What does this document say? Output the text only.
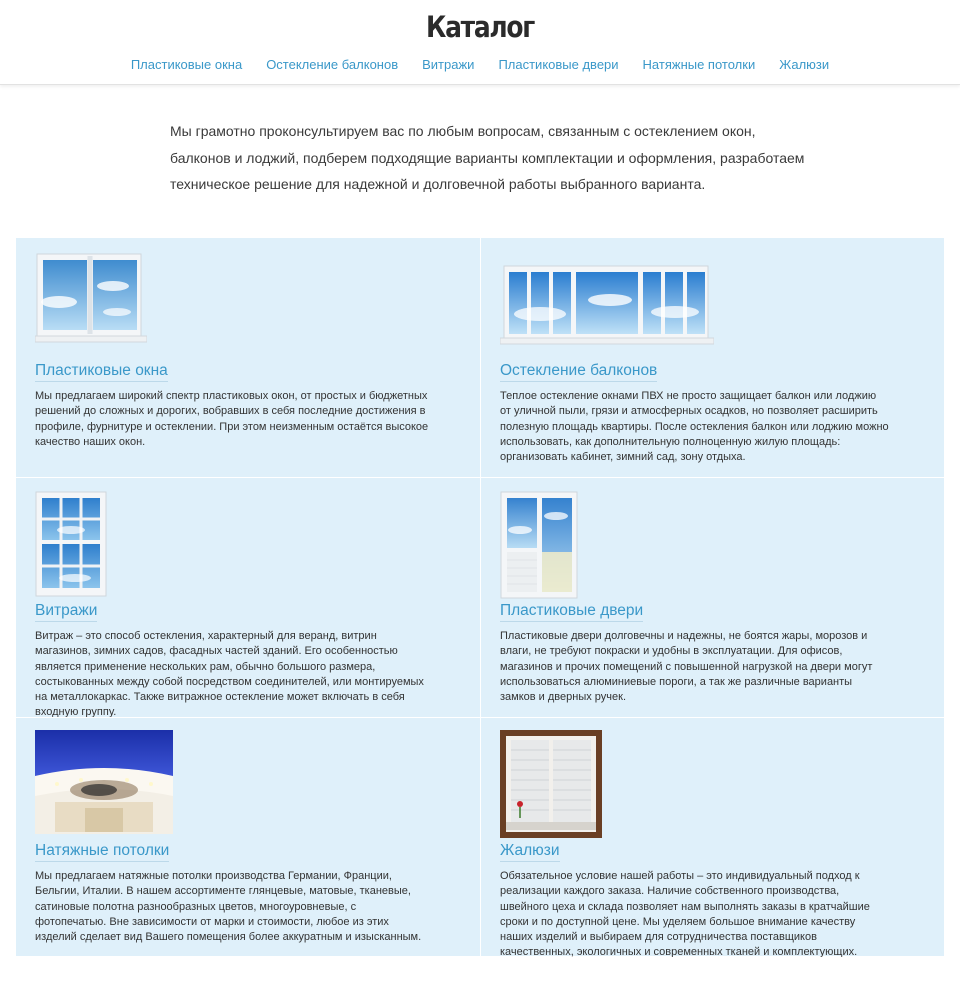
Каталог
Пластиковые окна Остекление балконов Витражи Пластиковые двери Натяжные потолки Жалюзи

Мы грамотно проконсультируем вас по любым вопросам, связанным с остеклением окон, балконов и лоджий, подберем подходящие варианты комплектации и оформления, разработаем техническое решение для надежной и долговечной работы выбранного варианта.

Пластиковые окна

Мы предлагаем широкий спектр пластиковых окон, от простых и бюджетных решений до сложных и дорогих, вобравших в себя последние достижения в профиле, фурнитуре и остеклении. При этом неизменным остаётся высокое качество наших окон.

Остекление балконов

Теплое остекление окнами ПВХ не просто защищает балкон или лоджию от уличной пыли, грязи и атмосферных осадков, но позволяет расширить полезную площадь квартиры. После остекления балкон или лоджию можно использовать, как дополнительную полноценную жилую площадь: организовать кабинет, зимний сад, зону отдыха.

Витражи

Витраж – это способ остекления, характерный для веранд, витрин магазинов, зимних садов, фасадных частей зданий. Его особенностью является применение нескольких рам, обычно большого размера, состыкованных между собой посредством соединителей, или монтируемых на металлокаркас. Также витражное остекление может включать в себя входную группу.

Пластиковые двери

Пластиковые двери долговечны и надежны, не боятся жары, морозов и влаги, не требуют покраски и удобны в эксплуатации. Для офисов, магазинов и прочих помещений с повышенной нагрузкой на двери могут использоваться алюминиевые пороги, а так же различные варианты замков и дверных ручек.

Натяжные потолки

Мы предлагаем натяжные потолки производства Германии, Франции, Бельгии, Италии. В нашем ассортименте глянцевые, матовые, тканевые, сатиновые полотна разнообразных цветов, многоуровневые, с фотопечатью. Вне зависимости от марки и стоимости, любое из этих изделий сделает вид Вашего помещения более аккуратным и изысканным.

Жалюзи

Обязательное условие нашей работы – это индивидуальный подход к реализации каждого заказа. Наличие собственного производства, швейного цеха и склада позволяет нам выполнять заказы в кратчайшие сроки и по доступной цене. Мы уделяем большое внимание качеству наших изделий и выбираем для сотрудничества поставщиков качественных, экологичных и современных тканей и комплектующих.
